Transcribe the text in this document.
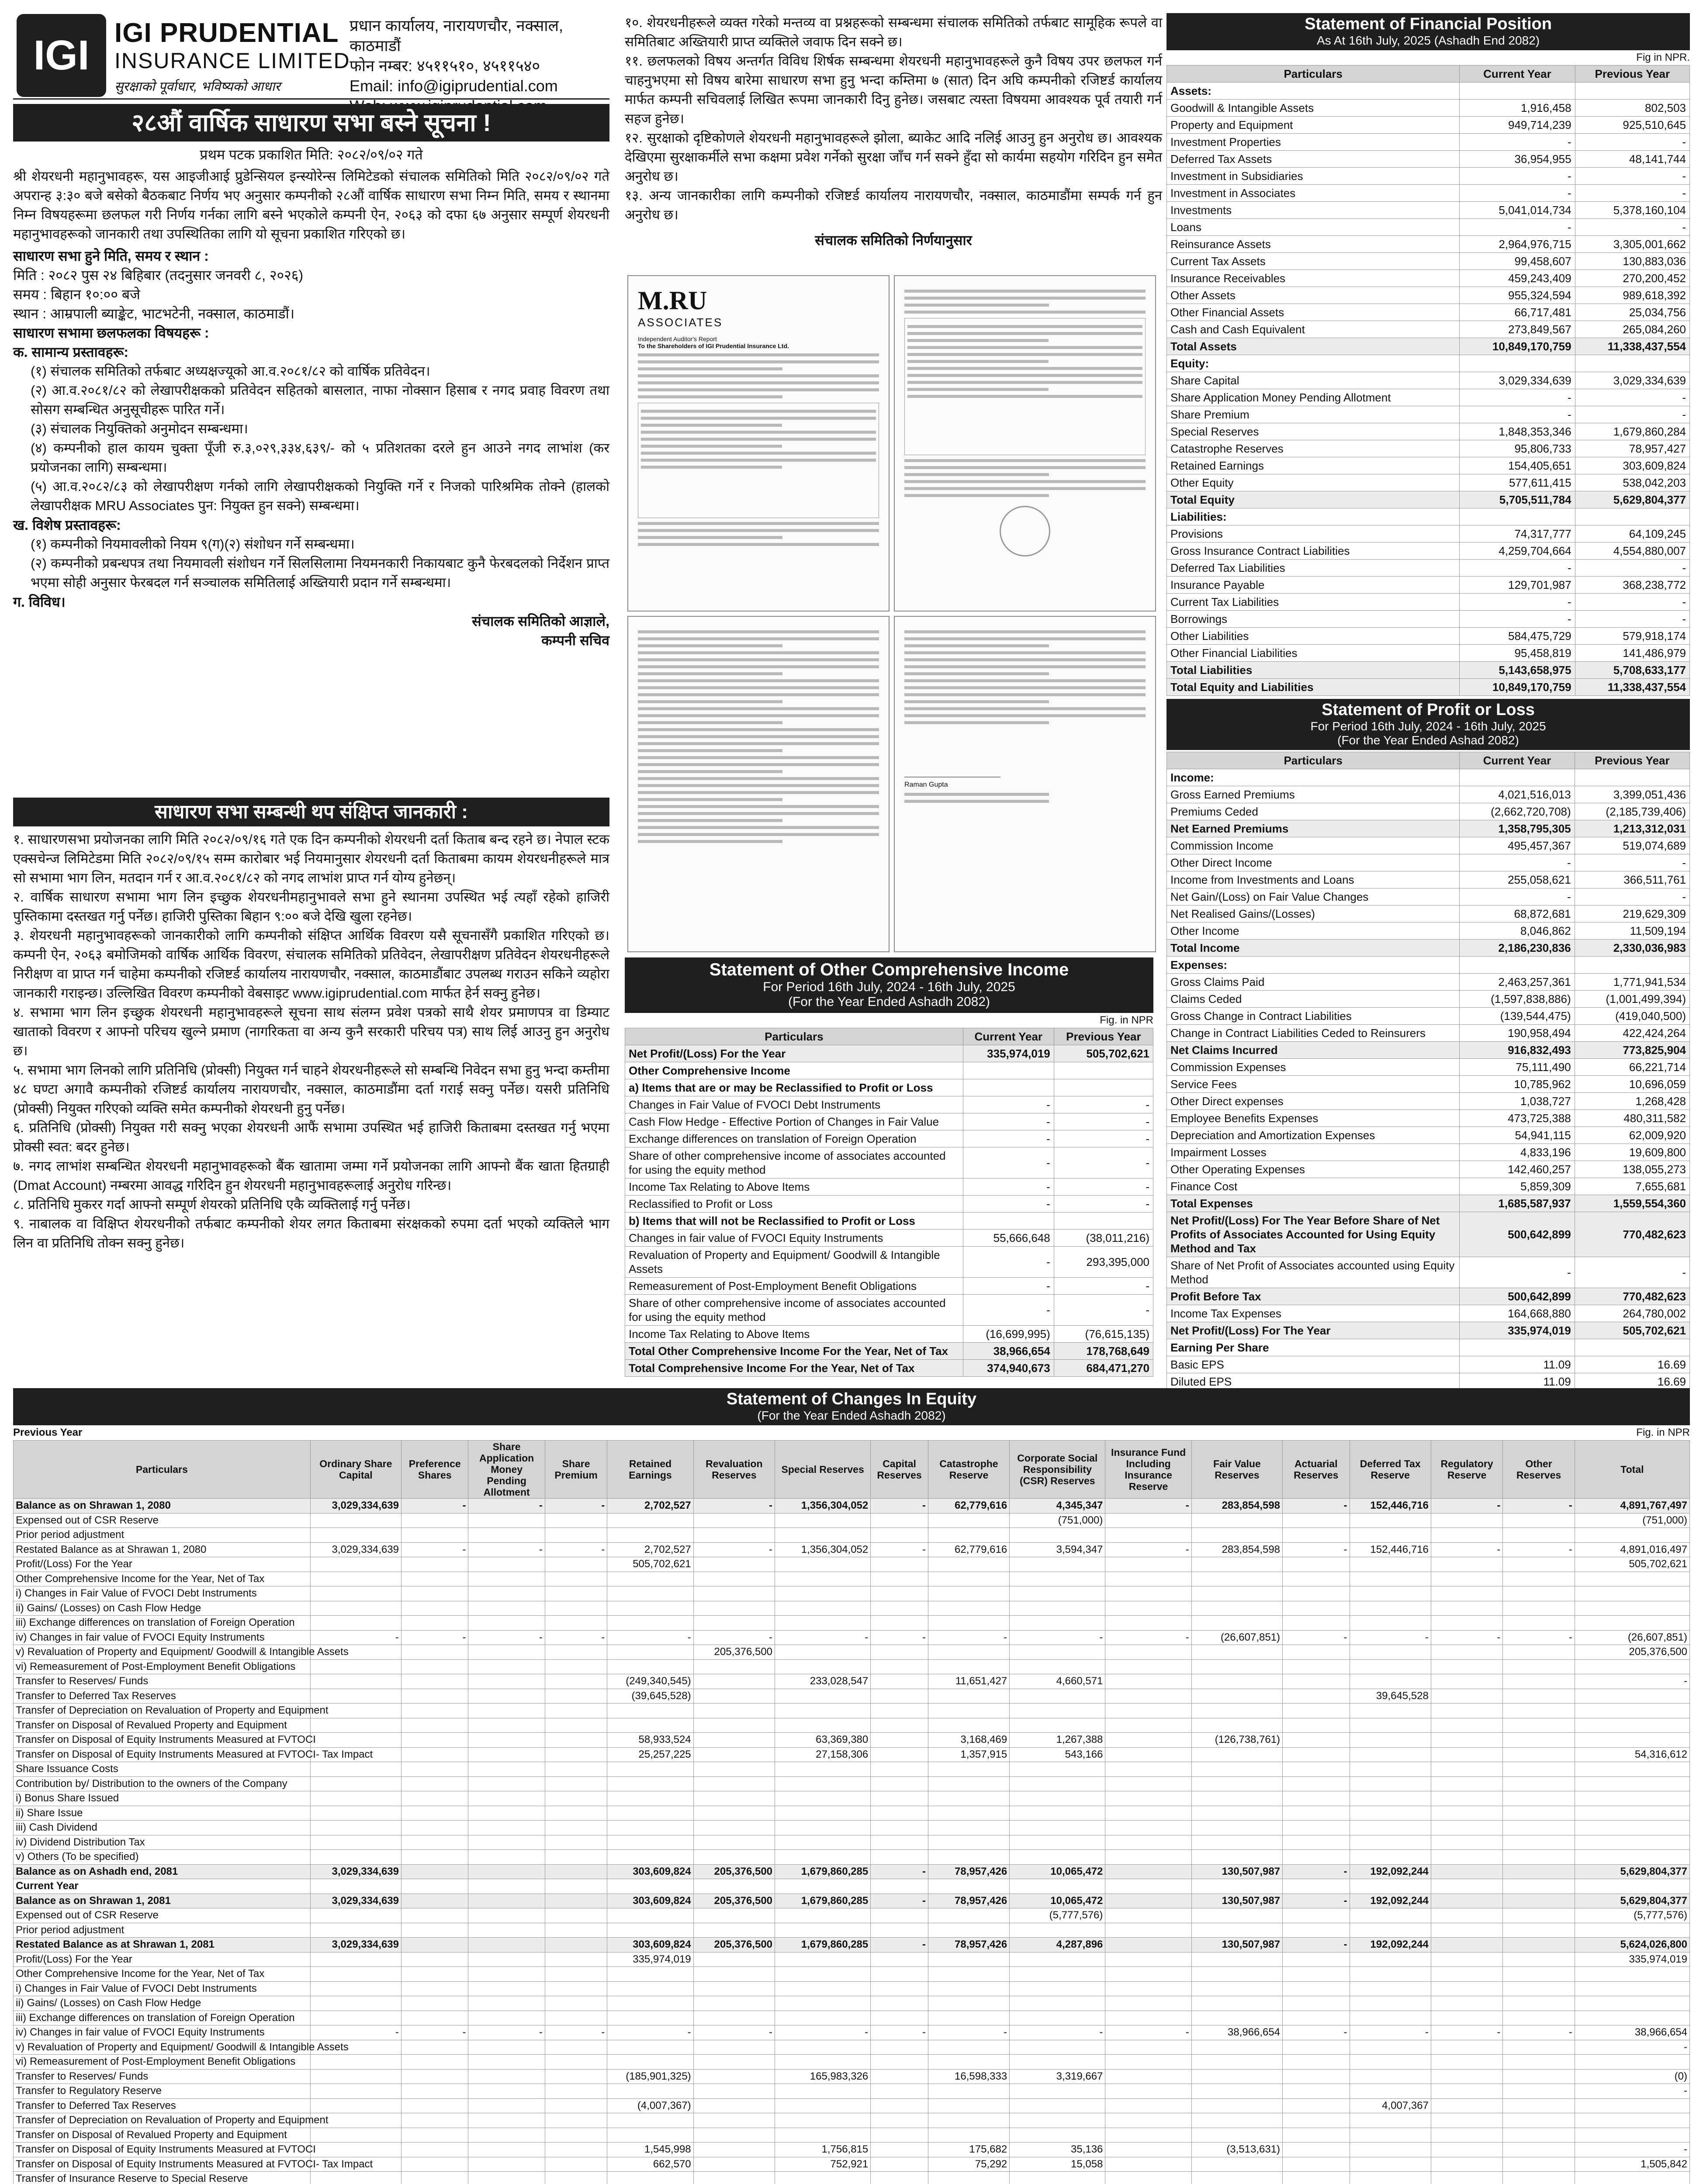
IGI IGI PRUDENTIAL
INSURANCE LIMITED
सुरक्षाको पूर्वाधार, भविष्यको आधार
प्रधान कार्यालय, नारायणचौर, नक्साल, काठमाडौं
फोन नम्बर: ४५११५१०, ४५११५४०
Email: info@igiprudential.com
२८औं वार्षिक साधारण सभा बस्ने सूचना !
प्रथम पटक प्रकाशित मिति: २०८२/०९/०२ गते
श्री शेयरधनी महानुभावहरू, यस आइजीआई प्रुडेन्सियल इन्स्योरेन्स लिमिटेडको संचालक समितिको मिति २०८२/०९/०२ गते अपरान्ह ३:३० बजे बसेको बैठकबाट निर्णय भए अनुसार कम्पनीको २८औं वार्षिक साधारण सभा निम्न मिति, समय र स्थानमा निम्न विषयहरूमा छलफल गरी निर्णय गर्नका लागि बस्ने भएकोले कम्पनी ऐन, २०६३ को दफा ६७ अनुसार सम्पूर्ण शेयरधनी महानुभावहरूको जानकारी तथा उपस्थितिका लागि यो सूचना प्रकाशित गरिएको छ।
साधारण सभा हुने मिति, समय र स्थान :
मिति : २०८२ पुस २४ बिहिबार (तदनुसार जनवरी ८, २०२६)
समय : बिहान १०:०० बजे
स्थान : आम्रपाली ब्याङ्केट, भाटभटेनी, नक्साल, काठमाडौं।
साधारण सभामा छलफलका विषयहरू :
क. सामान्य प्रस्तावहरू:
(१) संचालक समितिको तर्फबाट अध्यक्षज्यूको आ.व.२०८१/८२ को वार्षिक प्रतिवेदन।
(२) आ.व.२०८१/८२ को लेखापरीक्षकको प्रतिवेदन सहितको बासलात, नाफा नोक्सान हिसाब र नगद प्रवाह विवरण तथा सोसग सम्बन्धित अनुसूचीहरू पारित गर्ने।
(३) संचालक नियुक्तिको अनुमोदन सम्बन्धमा।
(४) कम्पनीको हाल कायम चुक्ता पूँजी रु.३,०२९,३३४,६३९/- को ५ प्रतिशतका दरले हुन आउने नगद लाभांश (कर प्रयोजनका लागि) सम्बन्धमा।
(५) आ.व.२०८२/८३ को लेखापरीक्षण गर्नको लागि लेखापरीक्षकको नियुक्ति गर्ने र निजको पारिश्रमिक तोक्ने (हालको लेखापरीक्षक MRU Associates पुन: नियुक्त हुन सक्ने) सम्बन्धमा।
ख. विशेष प्रस्तावहरू:
(१) कम्पनीको नियमावलीको नियम ९(ग)(२) संशोधन गर्ने सम्बन्धमा।
(२) कम्पनीको प्रबन्धपत्र तथा नियमावली संशोधन गर्ने सिलसिलामा नियमनकारी निकायबाट कुनै फेरबदलको निर्देशन प्राप्त भएमा सोही अनुसार फेरबदल गर्न सञ्चालक समितिलाई अख्तियारी प्रदान गर्ने सम्बन्धमा।
ग. विविध।
संचालक समितिको आज्ञाले,
कम्पनी सचिव
साधारण सभा सम्बन्धी थप संक्षिप्त जानकारी :
१. साधारणसभा प्रयोजनका लागि मिति २०८२/०९/१६ गते एक दिन कम्पनीको शेयरधनी दर्ता किताब बन्द रहने छ। नेपाल स्टक एक्सचेन्ज लिमिटेडमा मिति २०८२/०९/१५ सम्म कारोबार भई नियमानुसार शेयरधनी दर्ता किताबमा कायम शेयरधनीहरूले मात्र सो सभामा भाग लिन, मतदान गर्न र आ.व.२०८१/८२ को नगद लाभांश प्राप्त गर्न योग्य हुनेछन्।
२. वार्षिक साधारण सभामा भाग लिन इच्छुक शेयरधनीमहानुभावले सभा हुने स्थानमा उपस्थित भई त्यहाँ रहेको हाजिरी पुस्तिकामा दस्तखत गर्नु पर्नेछ। हाजिरी पुस्तिका बिहान ९:०० बजे देखि खुला रहनेछ।
३. शेयरधनी महानुभावहरूको जानकारीको लागि कम्पनीको संक्षिप्त आर्थिक विवरण यसै सूचनासँगै प्रकाशित गरिएको छ। कम्पनी ऐन, २०६३ बमोजिमको वार्षिक आर्थिक विवरण, संचालक समितिको प्रतिवेदन, लेखापरीक्षण प्रतिवेदन शेयरधनीहरूले निरीक्षण वा प्राप्त गर्न चाहेमा कम्पनीको रजिष्टर्ड कार्यालय नारायणचौर, नक्साल, काठमाडौंबाट उपलब्ध गराउन सकिने व्यहोरा जानकारी गराइन्छ। उल्लिखित विवरण कम्पनीको वेबसाइट www.igiprudential.com मार्फत हेर्न सक्नु हुनेछ।
४. सभामा भाग लिन इच्छुक शेयरधनी महानुभावहरूले सूचना साथ संलग्न प्रवेश पत्रको साथै शेयर प्रमाणपत्र वा डिम्याट खाताको विवरण र आफ्नो परिचय खुल्ने प्रमाण (नागरिकता वा अन्य कुनै सरकारी परिचय पत्र) साथ लिई आउनु हुन अनुरोध छ।
५. सभामा भाग लिनको लागि प्रतिनिधि (प्रोक्सी) नियुक्त गर्न चाहने शेयरधनीहरूले सो सम्बन्धि निवेदन सभा हुनु भन्दा कम्तीमा ४८ घण्टा अगावै कम्पनीको रजिष्टर्ड कार्यालय नारायणचौर, नक्साल, काठमाडौंमा दर्ता गराई सक्नु पर्नेछ। यसरी प्रतिनिधि (प्रोक्सी) नियुक्त गरिएको व्यक्ति समेत कम्पनीको शेयरधनी हुनु पर्नेछ।
६. प्रतिनिधि (प्रोक्सी) नियुक्त गरी सक्नु भएका शेयरधनी आफैं सभामा उपस्थित भई हाजिरी किताबमा दस्तखत गर्नु भएमा प्रोक्सी स्वत: बदर हुनेछ।
७. नगद लाभांश सम्बन्धित शेयरधनी महानुभावहरूको बैंक खातामा जम्मा गर्ने प्रयोजनका लागि आफ्नो बैंक खाता हितग्राही (Dmat Account) नम्बरमा आवद्ध गरिदिन हुन शेयरधनी महानुभावहरूलाई अनुरोध गरिन्छ।
८. प्रतिनिधि मुकरर गर्दा आफ्नो सम्पूर्ण शेयरको प्रतिनिधि एकै व्यक्तिलाई गर्नु पर्नेछ।
९. नाबालक वा विक्षिप्त शेयरधनीको तर्फबाट कम्पनीको शेयर लगत किताबमा संरक्षकको रुपमा दर्ता भएको व्यक्तिले भाग लिन वा प्रतिनिधि तोक्न सक्नु हुनेछ।
१०. शेयरधनीहरूले व्यक्त गरेको मन्तव्य वा प्रश्नहरूको सम्बन्धमा संचालक समितिको तर्फबाट सामूहिक रूपले वा समितिबाट अख्तियारी प्राप्त व्यक्तिले जवाफ दिन सक्ने छ।
११. छलफलको विषय अन्तर्गत विविध शिर्षक सम्बन्धमा शेयरधनी महानुभावहरूले कुनै विषय उपर छलफल गर्न चाहनुभएमा सो विषय बारेमा साधारण सभा हुनु भन्दा कम्तिमा ७ (सात) दिन अघि कम्पनीको रजिष्टर्ड कार्यालय मार्फत कम्पनी सचिवलाई लिखित रूपमा जानकारी दिनु हुनेछ। जसबाट त्यस्ता विषयमा आवश्यक पूर्व तयारी गर्न सहज हुनेछ।
१२. सुरक्षाको दृष्टिकोणले शेयरधनी महानुभावहरूले झोला, ब्याकेट आदि नलिई आउनु हुन अनुरोध छ। आवश्यक देखिएमा सुरक्षाकर्मीले सभा कक्षमा प्रवेश गर्नेको सुरक्षा जाँच गर्न सक्ने हुँदा सो कार्यमा सहयोग गरिदिन हुन समेत अनुरोध छ।
१३. अन्य जानकारीका लागि कम्पनीको रजिष्टर्ड कार्यालय नारायणचौर, नक्साल, काठमाडौंमा सम्पर्क गर्न हुन अनुरोध छ।
संचालक समितिको निर्णयानुसार
M.RU
ASSOCIATES
Independent Auditor's Report
To the Shareholders of IGI Prudential Insurance Ltd.
Raman Gupta
Statement of Other Comprehensive Income
For Period 16th July, 2024 - 16th July, 2025
(For the Year Ended Ashadh 2082)
Fig. in NPR
Particulars	Current Year	Previous Year
Net Profit/(Loss) For the Year	335,974,019	505,702,621
Other Comprehensive Income		
a) Items that are or may be Reclassified to Profit or Loss		
Changes in Fair Value of FVOCI Debt Instruments	-	-
Cash Flow Hedge - Effective Portion of Changes in Fair Value	-	-
Exchange differences on translation of Foreign Operation	-	-
Share of other comprehensive income of associates accounted for using the equity method	-	-
Income Tax Relating to Above Items	-	-
Reclassified to Profit or Loss	-	-
b) Items that will not be Reclassified to Profit or Loss		
Changes in fair value of FVOCI Equity Instruments	55,666,648	(38,011,216)
Revaluation of Property and Equipment/ Goodwill & Intangible Assets	-	293,395,000
Remeasurement of Post-Employment Benefit Obligations	-	-
Share of other comprehensive income of associates accounted for using the equity method	-	-
Income Tax Relating to Above Items	(16,699,995)	(76,615,135)
Total Other Comprehensive Income For the Year, Net of Tax	38,966,654	178,768,649
Total Comprehensive Income For the Year, Net of Tax	374,940,673	684,471,270
Statement of Financial Position
As At 16th July, 2025 (Ashadh End 2082)
Fig in NPR.
Particulars	Current Year	Previous Year
Assets:		
Goodwill & Intangible Assets	1,916,458	802,503
Property and Equipment	949,714,239	925,510,645
Investment Properties	-	-
Deferred Tax Assets	36,954,955	48,141,744
Investment in Subsidiaries	-	-
Investment in Associates	-	-
Investments	5,041,014,734	5,378,160,104
Loans	-	-
Reinsurance Assets	2,964,976,715	3,305,001,662
Current Tax Assets	99,458,607	130,883,036
Insurance Receivables	459,243,409	270,200,452
Other Assets	955,324,594	989,618,392
Other Financial Assets	66,717,481	25,034,756
Cash and Cash Equivalent	273,849,567	265,084,260
Total Assets	10,849,170,759	11,338,437,554
Equity:		
Share Capital	3,029,334,639	3,029,334,639
Share Application Money Pending Allotment	-	-
Share Premium	-	-
Special Reserves	1,848,353,346	1,679,860,284
Catastrophe Reserves	95,806,733	78,957,427
Retained Earnings	154,405,651	303,609,824
Other Equity	577,611,415	538,042,203
Total Equity	5,705,511,784	5,629,804,377
Liabilities:		
Provisions	74,317,777	64,109,245
Gross Insurance Contract Liabilities	4,259,704,664	4,554,880,007
Deferred Tax Liabilities	-	-
Insurance Payable	129,701,987	368,238,772
Current Tax Liabilities	-	-
Borrowings	-	-
Other Liabilities	584,475,729	579,918,174
Other Financial Liabilities	95,458,819	141,486,979
Total Liabilities	5,143,658,975	5,708,633,177
Total Equity and Liabilities	10,849,170,759	11,338,437,554
Statement of Profit or Loss
For Period 16th July, 2024 - 16th July, 2025
(For the Year Ended Ashad 2082)
Particulars	Current Year	Previous Year
Income:		
Gross Earned Premiums	4,021,516,013	3,399,051,436
Premiums Ceded	(2,662,720,708)	(2,185,739,406)
Net Earned Premiums	1,358,795,305	1,213,312,031
Commission Income	495,457,367	519,074,689
Other Direct Income	-	-
Income from Investments and Loans	255,058,621	366,511,761
Net Gain/(Loss) on Fair Value Changes	-	-
Net Realised Gains/(Losses)	68,872,681	219,629,309
Other Income	8,046,862	11,509,194
Total Income	2,186,230,836	2,330,036,983
Expenses:		
Gross Claims Paid	2,463,257,361	1,771,941,534
Claims Ceded	(1,597,838,886)	(1,001,499,394)
Gross Change in Contract Liabilities	(139,544,475)	(419,040,500)
Change in Contract Liabilities Ceded to Reinsurers	190,958,494	422,424,264
Net Claims Incurred	916,832,493	773,825,904
Commission Expenses	75,111,490	66,221,714
Service Fees	10,785,962	10,696,059
Other Direct expenses	1,038,727	1,268,428
Employee Benefits Expenses	473,725,388	480,311,582
Depreciation and Amortization Expenses	54,941,115	62,009,920
Impairment Losses	4,833,196	19,609,800
Other Operating Expenses	142,460,257	138,055,273
Finance Cost	5,859,309	7,655,681
Total Expenses	1,685,587,937	1,559,554,360
Net Profit/(Loss) For The Year Before Share of Net Profits of Associates Accounted for Using Equity Method and Tax	500,642,899	770,482,623
Share of Net Profit of Associates accounted using Equity Method	-	-
Profit Before Tax	500,642,899	770,482,623
Income Tax Expenses	164,668,880	264,780,002
Net Profit/(Loss) For The Year	335,974,019	505,702,621
Earning Per Share		
Basic EPS	11.09	16.69
Diluted EPS	11.09	16.69
Statement of Changes In Equity
(For the Year Ended Ashadh 2082)
Previous Year	Fig. in NPR
Particulars	Ordinary Share Capital	Preference Shares	Share Application Money Pending Allotment	Share Premium	Retained Earnings	Revaluation Reserves	Special Reserves	Capital Reserves	Catastrophe Reserve	Corporate Social Responsibility (CSR) Reserves	Insurance Fund Including Insurance Reserve	Fair Value Reserves	Actuarial Reserves	Deferred Tax Reserve	Regulatory Reserve	Other Reserves	Total
Balance as on Shrawan 1, 2080	3,029,334,639	-	-	-	2,702,527	-	1,356,304,052	-	62,779,616	4,345,347	-	283,854,598	-	152,446,716	-	-	4,891,767,497
Expensed out of CSR Reserve										(751,000)							(751,000)
Prior period adjustment																	
Restated Balance as at Shrawan 1, 2080	3,029,334,639	-	-	-	2,702,527	-	1,356,304,052	-	62,779,616	3,594,347	-	283,854,598	-	152,446,716	-	-	4,891,016,497
Profit/(Loss) For the Year					505,702,621												505,702,621
Other Comprehensive Income for the Year, Net of Tax																	
i) Changes in Fair Value of FVOCI Debt Instruments																	
ii) Gains/ (Losses) on Cash Flow Hedge																	
iii) Exchange differences on translation of Foreign Operation																	
iv) Changes in fair value of FVOCI Equity Instruments	-	-	-	-	-	-	-	-	-	-	-	(26,607,851)	-	-	-	-	(26,607,851)
v) Revaluation of Property and Equipment/ Goodwill & Intangible Assets						205,376,500											205,376,500
vi) Remeasurement of Post-Employment Benefit Obligations																	
Transfer to Reserves/ Funds					(249,340,545)		233,028,547		11,651,427	4,660,571							-
Transfer to Deferred Tax Reserves					(39,645,528)									39,645,528			
Transfer of Depreciation on Revaluation of Property and Equipment																	
Transfer on Disposal of Revalued Property and Equipment																	
Transfer on Disposal of Equity Instruments Measured at FVTOCI					58,933,524		63,369,380		3,168,469	1,267,388		(126,738,761)					
Transfer on Disposal of Equity Instruments Measured at FVTOCI- Tax Impact					25,257,225		27,158,306		1,357,915	543,166							54,316,612
Share Issuance Costs																	
Contribution by/ Distribution to the owners of the Company																	
i) Bonus Share Issued																	
ii) Share Issue																	
iii) Cash Dividend																	
iv) Dividend Distribution Tax																	
v) Others (To be specified)																	
Balance as on Ashadh end, 2081	3,029,334,639				303,609,824	205,376,500	1,679,860,285	-	78,957,426	10,065,472		130,507,987	-	192,092,244			5,629,804,377
Current Year																	
Balance as on Shrawan 1, 2081	3,029,334,639				303,609,824	205,376,500	1,679,860,285	-	78,957,426	10,065,472		130,507,987	-	192,092,244			5,629,804,377
Expensed out of CSR Reserve										(5,777,576)							(5,777,576)
Prior period adjustment																	
Restated Balance as at Shrawan 1, 2081	3,029,334,639				303,609,824	205,376,500	1,679,860,285	-	78,957,426	4,287,896		130,507,987	-	192,092,244			5,624,026,800
Profit/(Loss) For the Year					335,974,019												335,974,019
Other Comprehensive Income for the Year, Net of Tax																	
i) Changes in Fair Value of FVOCI Debt Instruments																	
ii) Gains/ (Losses) on Cash Flow Hedge																	
iii) Exchange differences on translation of Foreign Operation																	
iv) Changes in fair value of FVOCI Equity Instruments	-	-	-	-	-	-	-	-	-	-	-	38,966,654	-	-	-	-	38,966,654
v) Revaluation of Property and Equipment/ Goodwill & Intangible Assets																	-
vi) Remeasurement of Post-Employment Benefit Obligations																	
Transfer to Reserves/ Funds					(185,901,325)		165,983,326		16,598,333	3,319,667							(0)
Transfer to Regulatory Reserve																	-
Transfer to Deferred Tax Reserves					(4,007,367)									4,007,367			
Transfer of Depreciation on Revaluation of Property and Equipment																	
Transfer on Disposal of Revalued Property and Equipment																	
Transfer on Disposal of Equity Instruments Measured at FVTOCI					1,545,998		1,756,815		175,682	35,136		(3,513,631)					-
Transfer on Disposal of Equity Instruments Measured at FVTOCI- Tax Impact					662,570		752,921		75,292	15,058							1,505,842
Transfer of Insurance Reserve to Special Reserve																	
